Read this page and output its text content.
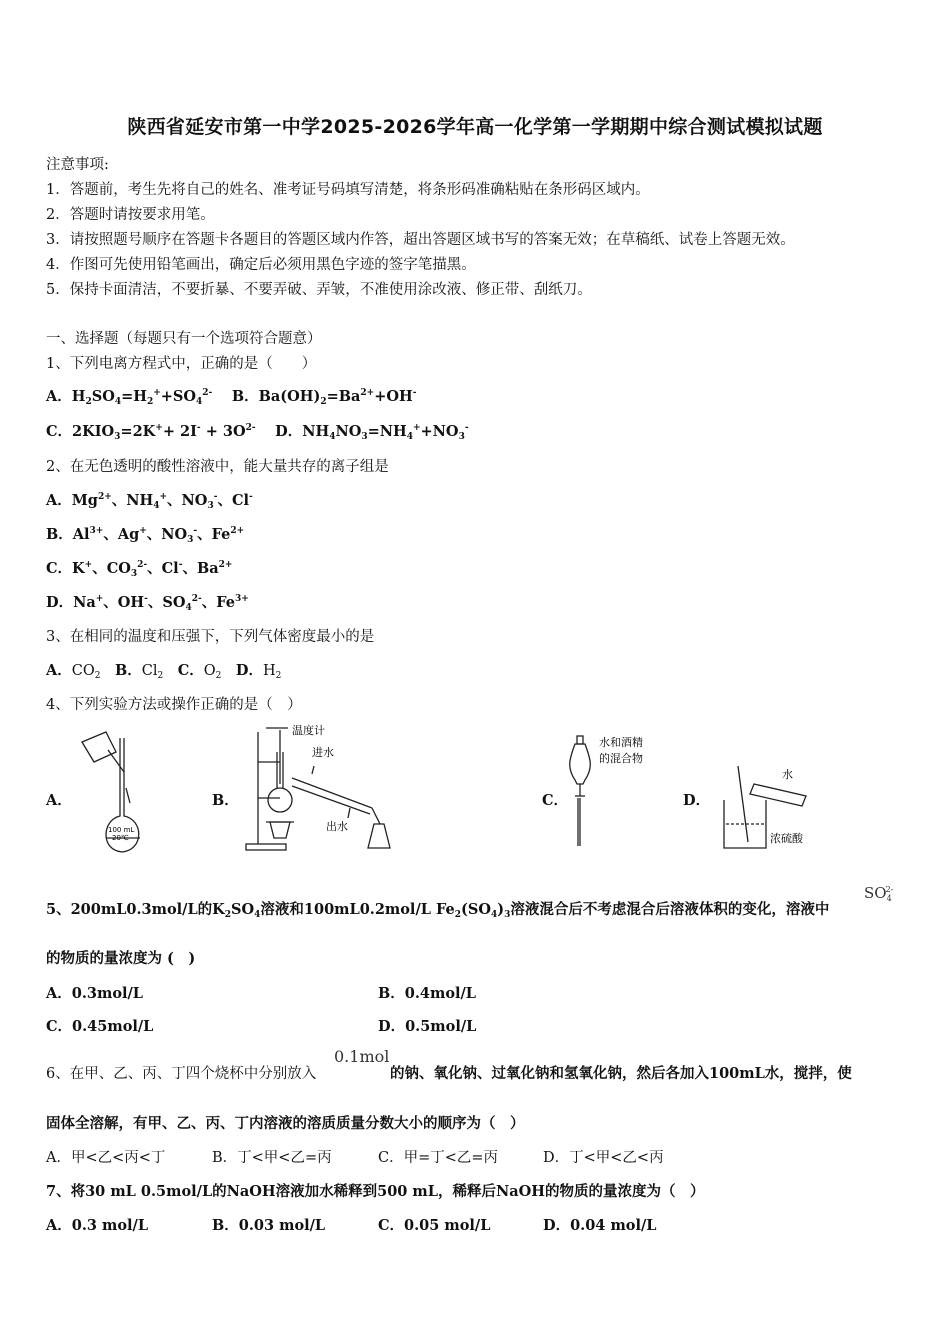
陕西省延安市第一中学2025-2026学年高一化学第一学期期中综合测试模拟试题
注意事项:
1．答题前，考生先将自己的姓名、准考证号码填写清楚，将条形码准确粘贴在条形码区域内。
2．答题时请按要求用笔。
3．请按照题号顺序在答题卡各题目的答题区域内作答，超出答题区域书写的答案无效；在草稿纸、试卷上答题无效。
4．作图可先使用铅笔画出，确定后必须用黑色字迹的签字笔描黑。
5．保持卡面清洁，不要折暴、不要弄破、弄皱，不准使用涂改液、修正带、刮纸刀。
一、选择题（每题只有一个选项符合题意）
1、下列电离方程式中，正确的是（　　）
A．$H_2SO_4=H_2^++SO_4^{2-}$　 B．$Ba(OH)_2=Ba^{2+}+OH^-$
C．$2KIO_3=2K^++ 2I^- + 3O^{2-}$　 D．$NH_4NO_3=NH_4^++NO_3^-$
2、在无色透明的酸性溶液中，能大量共存的离子组是
A．$Mg^{2+}$、$NH_4^+$、$NO_3^-$、Cl-
B．$Al^{3+}$、Ag+、$NO_3^-$、$Fe^{2+}$
C．K+、$CO_3^{2-}$、Cl-、$Ba^{2+}$
D．Na+、OH-、$SO_4^{2-}$、$Fe^{3+}$
3、在相同的温度和压强下，下列气体密度最小的是
A．$CO_2$　 B．$Cl_2$　 C．$O_2$　 D．$H_2$
4、下列实验方法或操作正确的是（　）
A．	B．	C．	D．
100 mL
20℃
温度计
进水
出水
水和酒精
的混合物
水
浓硫酸
5、200mL0.3mol/L的$K_2SO_4$溶液和100mL0.2mol/L $Fe_2(SO_4)_3$溶液混合后不考虑混合后溶液体积的变化，溶液中
$SO_4^{2-}$
的物质的量浓度为 (　)
A．0.3mol/L	B．0.4mol/L
C．0.45mol/L	D．0.5mol/L
6、在甲、乙、丙、丁四个烧杯中分别放入
0.1mol
的钠、氧化钠、过氧化钠和氢氧化钠，然后各加入100mL水，搅拌，使
固体全溶解，有甲、乙、丙、丁内溶液的溶质质量分数大小的顺序为（　）
A．甲<乙<丙<丁	B．丁<甲<乙=丙	C．甲=丁<乙=丙	D．丁<甲<乙<丙
7、将30 mL 0.5mol/L的NaOH溶液加水稀释到500 mL，稀释后NaOH的物质的量浓度为（　）
A．0.3 mol/L	B．0.03 mol/L	C．0.05 mol/L	D．0.04 mol/L
